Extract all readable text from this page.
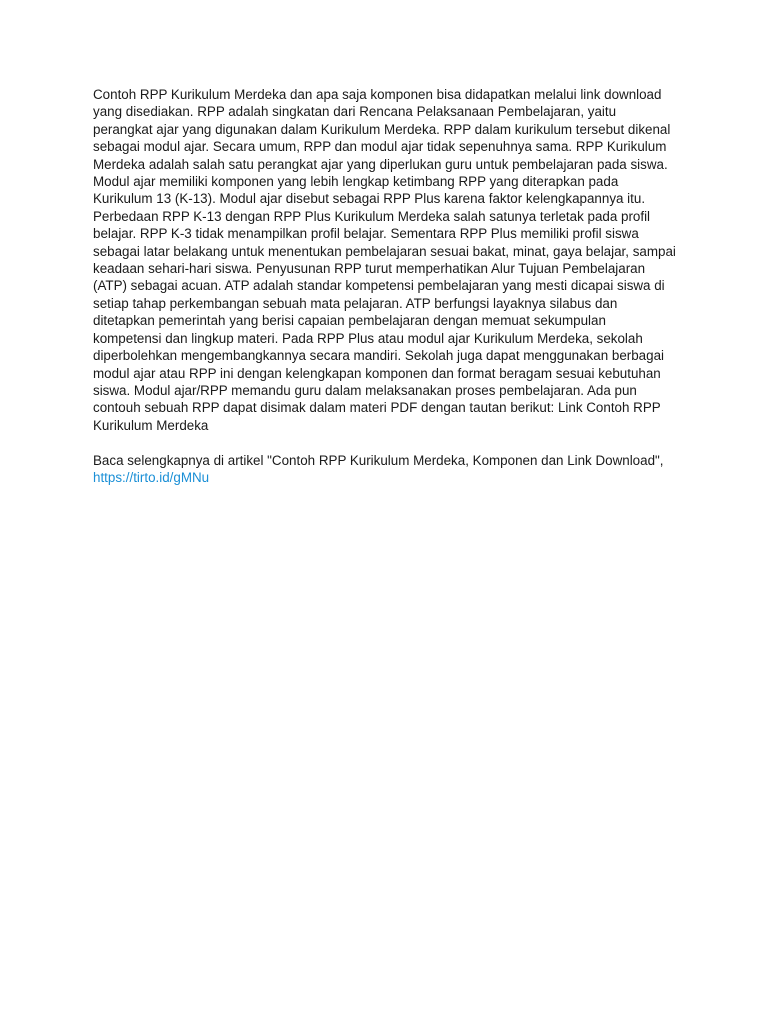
Contoh RPP Kurikulum Merdeka dan apa saja komponen bisa didapatkan melalui link download yang disediakan. RPP adalah singkatan dari Rencana Pelaksanaan Pembelajaran, yaitu perangkat ajar yang digunakan dalam Kurikulum Merdeka. RPP dalam kurikulum tersebut dikenal sebagai modul ajar. Secara umum, RPP dan modul ajar tidak sepenuhnya sama. RPP Kurikulum Merdeka adalah salah satu perangkat ajar yang diperlukan guru untuk pembelajaran pada siswa. Modul ajar memiliki komponen yang lebih lengkap ketimbang RPP yang diterapkan pada Kurikulum 13 (K-13). Modul ajar disebut sebagai RPP Plus karena faktor kelengkapannya itu. Perbedaan RPP K-13 dengan RPP Plus Kurikulum Merdeka salah satunya terletak pada profil belajar. RPP K-3 tidak menampilkan profil belajar. Sementara RPP Plus memiliki profil siswa sebagai latar belakang untuk menentukan pembelajaran sesuai bakat, minat, gaya belajar, sampai keadaan sehari-hari siswa. Penyusunan RPP turut memperhatikan Alur Tujuan Pembelajaran (ATP) sebagai acuan. ATP adalah standar kompetensi pembelajaran yang mesti dicapai siswa di setiap tahap perkembangan sebuah mata pelajaran. ATP berfungsi layaknya silabus dan ditetapkan pemerintah yang berisi capaian pembelajaran dengan memuat sekumpulan kompetensi dan lingkup materi. Pada RPP Plus atau modul ajar Kurikulum Merdeka, sekolah diperbolehkan mengembangkannya secara mandiri. Sekolah juga dapat menggunakan berbagai modul ajar atau RPP ini dengan kelengkapan komponen dan format beragam sesuai kebutuhan siswa. Modul ajar/RPP memandu guru dalam melaksanakan proses pembelajaran. Ada pun contouh sebuah RPP dapat disimak dalam materi PDF dengan tautan berikut: Link Contoh RPP Kurikulum Merdeka

Baca selengkapnya di artikel "Contoh RPP Kurikulum Merdeka, Komponen dan Link Download", https://tirto.id/gMNu
